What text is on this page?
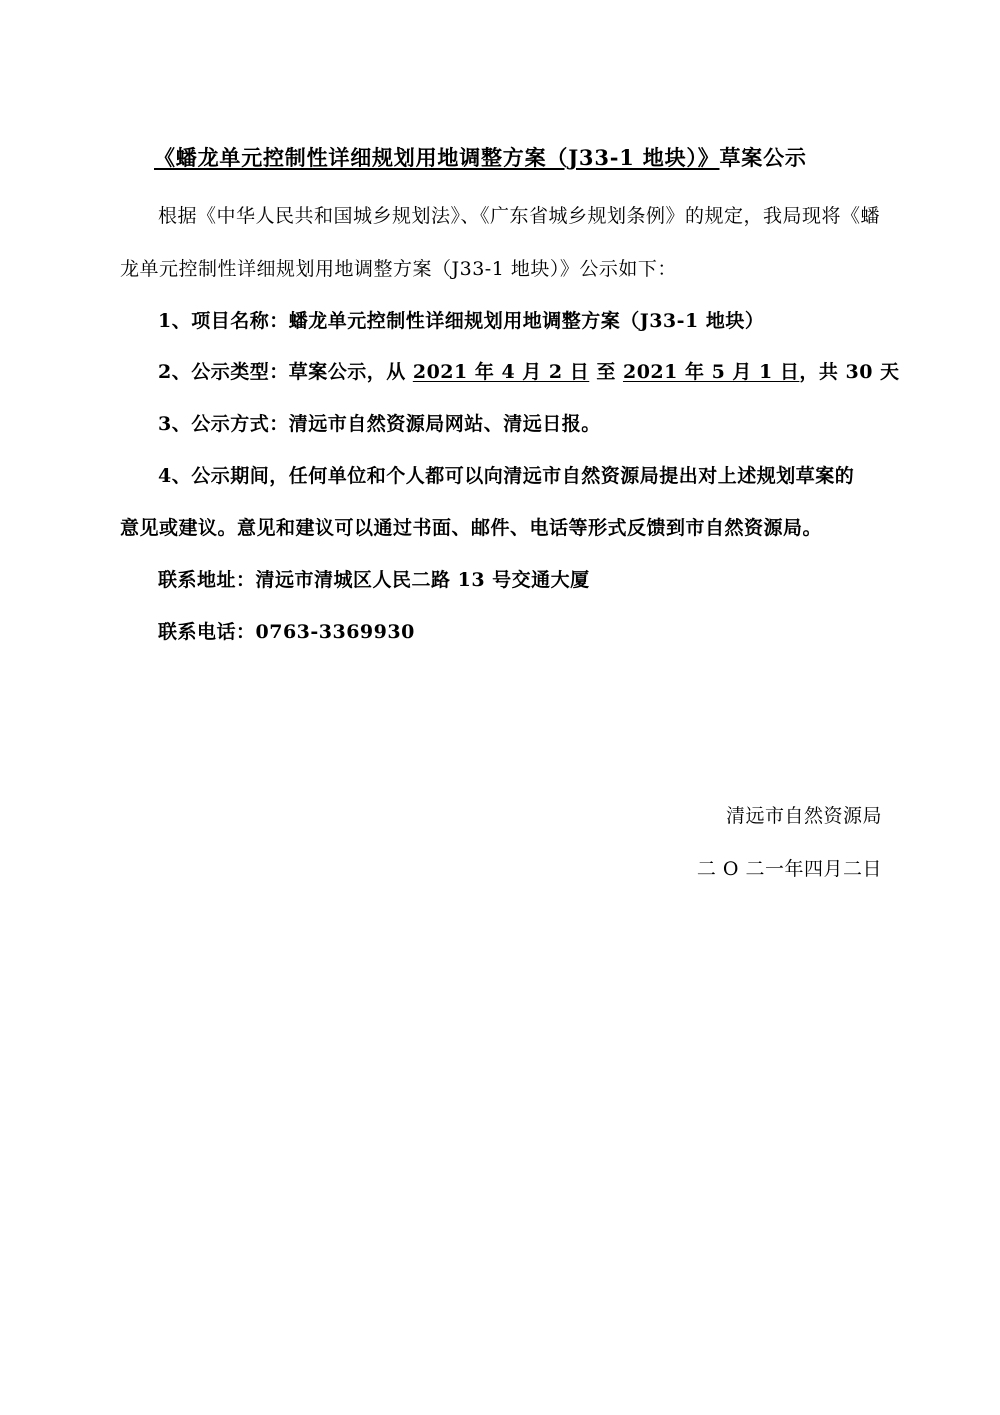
《蟠龙单元控制性详细规划用地调整方案（J33-1 地块）》草案公示
根据《中华人民共和国城乡规划法》、《广东省城乡规划条例》的规定，我局现将《蟠
龙单元控制性详细规划用地调整方案（J33-1 地块）》公示如下：
1、项目名称：蟠龙单元控制性详细规划用地调整方案（J33-1 地块）
2、公示类型：草案公示，从 2021 年 4 月 2 日 至 2021 年 5 月 1 日，共 30 天
3、公示方式：清远市自然资源局网站、清远日报。
4、公示期间，任何单位和个人都可以向清远市自然资源局提出对上述规划草案的
意见或建议。意见和建议可以通过书面、邮件、电话等形式反馈到市自然资源局。
联系地址：清远市清城区人民二路 13 号交通大厦
联系电话：0763-3369930
清远市自然资源局
二 O 二一年四月二日
